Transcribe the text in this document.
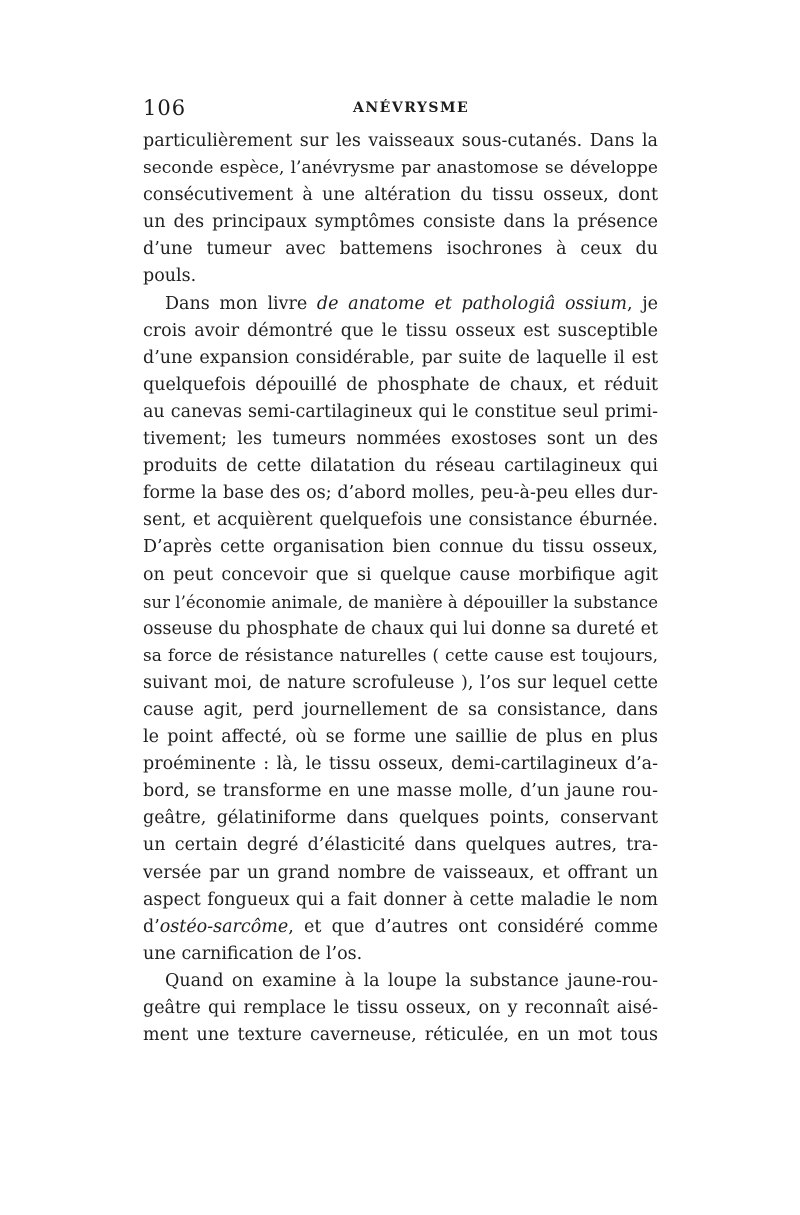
106	ANÉVRYSME
particulièrement sur les vaisseaux sous-cutanés. Dans la
seconde espèce, l’anévrysme par anastomose se développe
consécutivement à une altération du tissu osseux, dont
un des principaux symptômes consiste dans la présence
d’une tumeur avec battemens isochrones à ceux du
pouls.
Dans mon livre de anatome et pathologiâ ossium, je
crois avoir démontré que le tissu osseux est susceptible
d’une expansion considérable, par suite de laquelle il est
quelquefois dépouillé de phosphate de chaux, et réduit
au canevas semi-cartilagineux qui le constitue seul primi-
tivement; les tumeurs nommées exostoses sont un des
produits de cette dilatation du réseau cartilagineux qui
forme la base des os; d’abord molles, peu-à-peu elles dur-
sent, et acquièrent quelquefois une consistance éburnée.
D’après cette organisation bien connue du tissu osseux,
on peut concevoir que si quelque cause morbifique agit
sur l’économie animale, de manière à dépouiller la substance
osseuse du phosphate de chaux qui lui donne sa dureté et
sa force de résistance naturelles ( cette cause est toujours,
suivant moi, de nature scrofuleuse ), l’os sur lequel cette
cause agit, perd journellement de sa consistance, dans
le point affecté, où se forme une saillie de plus en plus
proéminente : là, le tissu osseux, demi-cartilagineux d’a-
bord, se transforme en une masse molle, d’un jaune rou-
geâtre, gélatiniforme dans quelques points, conservant
un certain degré d’élasticité dans quelques autres, tra-
versée par un grand nombre de vaisseaux, et offrant un
aspect fongueux qui a fait donner à cette maladie le nom
d’ostéo-sarcôme, et que d’autres ont considéré comme
une carnification de l’os.
Quand on examine à la loupe la substance jaune-rou-
geâtre qui remplace le tissu osseux, on y reconnaît aisé-
ment une texture caverneuse, réticulée, en un mot tous
